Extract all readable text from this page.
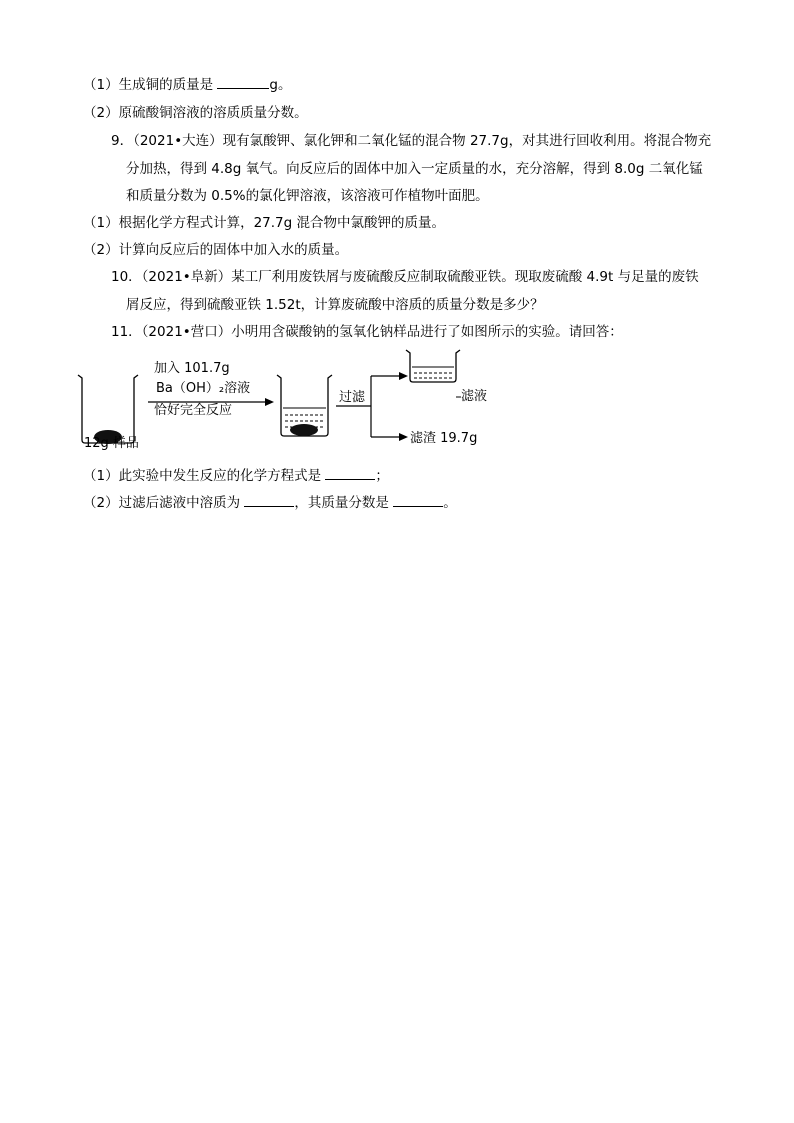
（1）生成铜的质量是	g。
（2）原硫酸铜溶液的溶质质量分数。
9．（2021•大连）现有氯酸钾、氯化钾和二氧化锰的混合物 27.7g，对其进行回收利用。将混合物充
分加热，得到 4.8g 氧气。向反应后的固体中加入一定质量的水，充分溶解，得到 8.0g 二氧化锰
和质量分数为 0.5%的氯化钾溶液，该溶液可作植物叶面肥。
（1）根据化学方程式计算，27.7g 混合物中氯酸钾的质量。
（2）计算向反应后的固体中加入水的质量。
10．（2021•阜新）某工厂利用废铁屑与废硫酸反应制取硫酸亚铁。现取废硫酸 4.9t 与足量的废铁
屑反应，得到硫酸亚铁 1.52t，计算废硫酸中溶质的质量分数是多少？
11．（2021•营口）小明用含碳酸钠的氢氧化钠样品进行了如图所示的实验。请回答：
加入 101.7g
Ba（OH）₂溶液
恰好完全反应
12g 样品
过滤	滤液
滤渣 19.7g
（1）此实验中发生反应的化学方程式是	；
（2）过滤后滤液中溶质为	，其质量分数是	。
